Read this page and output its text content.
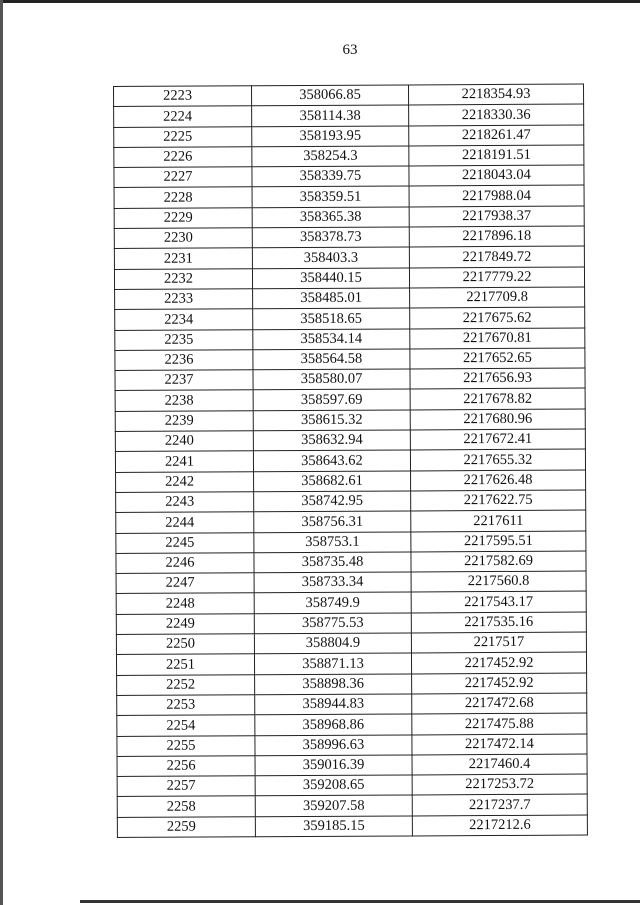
63
2223	358066.85	2218354.93
2224	358114.38	2218330.36
2225	358193.95	2218261.47
2226	358254.3	2218191.51
2227	358339.75	2218043.04
2228	358359.51	2217988.04
2229	358365.38	2217938.37
2230	358378.73	2217896.18
2231	358403.3	2217849.72
2232	358440.15	2217779.22
2233	358485.01	2217709.8
2234	358518.65	2217675.62
2235	358534.14	2217670.81
2236	358564.58	2217652.65
2237	358580.07	2217656.93
2238	358597.69	2217678.82
2239	358615.32	2217680.96
2240	358632.94	2217672.41
2241	358643.62	2217655.32
2242	358682.61	2217626.48
2243	358742.95	2217622.75
2244	358756.31	2217611
2245	358753.1	2217595.51
2246	358735.48	2217582.69
2247	358733.34	2217560.8
2248	358749.9	2217543.17
2249	358775.53	2217535.16
2250	358804.9	2217517
2251	358871.13	2217452.92
2252	358898.36	2217452.92
2253	358944.83	2217472.68
2254	358968.86	2217475.88
2255	358996.63	2217472.14
2256	359016.39	2217460.4
2257	359208.65	2217253.72
2258	359207.58	2217237.7
2259	359185.15	2217212.6
